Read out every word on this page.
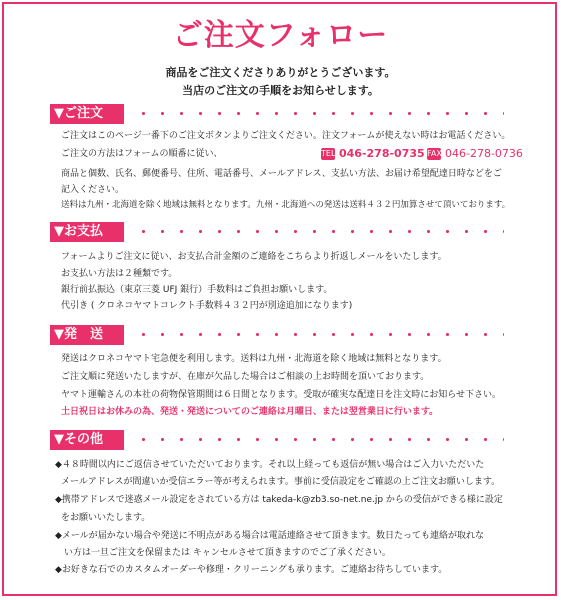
ご注文フォロー
商品をご注文くださりありがとうございます。
当店のご注文の手順をお知らせします。
▼ご注文
ご注文はこのページ一番下のご注文ボタンよりご注文ください。注文フォームが使えない時はお電話ください。
ご注文の方法はフォームの順番に従い、	TEL 046-278-0735 FAX 046-278-0736
商品と個数、氏名、郵便番号、住所、電話番号、メールアドレス、支払い方法、お届け希望配達日時などをご
記入ください。
送料は九州・北海道を除く地域は無料となります。九州・北海道への発送は送料４３２円加算させて頂いております。
▼お支払
フォームよりご注文に従い、お支払合計金額のご連絡をこちらより折返しメールをいたします。
お支払い方法は２種類です。
銀行前払振込（東京三菱 UFJ 銀行）手数料はご負担お願いします。
代引き ( クロネコヤマトコレクト手数料４３２円が別途追加になります)
▼発　送
発送はクロネコヤマト宅急便を利用します。送料は九州・北海道を除く地域は無料となります。
ご注文順に発送いたしますが、在庫が欠品した場合はご相談の上お時間を頂いております。
ヤマト運輸さんの本社の荷物保管期間は６日間となります。受取が確実な配達日を注文時にお知らせ下さい。
土日祝日はお休みの為、発送・発送についてのご連絡は月曜日、または翌営業日に行います。
▼その他
◆４８時間以内にご返信させていただいております。それ以上経っても返信が無い場合はご入力いただいた
メールアドレスが間違いか受信エラー等が考えられます。事前に受信設定をご確認の上ご注文お願いします。
◆携帯アドレスで迷惑メール設定をされている方は takeda-k@zb3.so-net.ne.jp からの受信ができる様に設定
をお願いいたします。
◆メールが届かない場合や発送に不明点がある場合は電話連絡させて頂きます。数日たっても連絡が取れな
　い方は一旦ご注文を保留または キャンセルさせて頂きますのでご了承ください。
◆お好きな石でのカスタムオーダーや修理・クリーニングも承ります。ご連絡お待ちしています。
